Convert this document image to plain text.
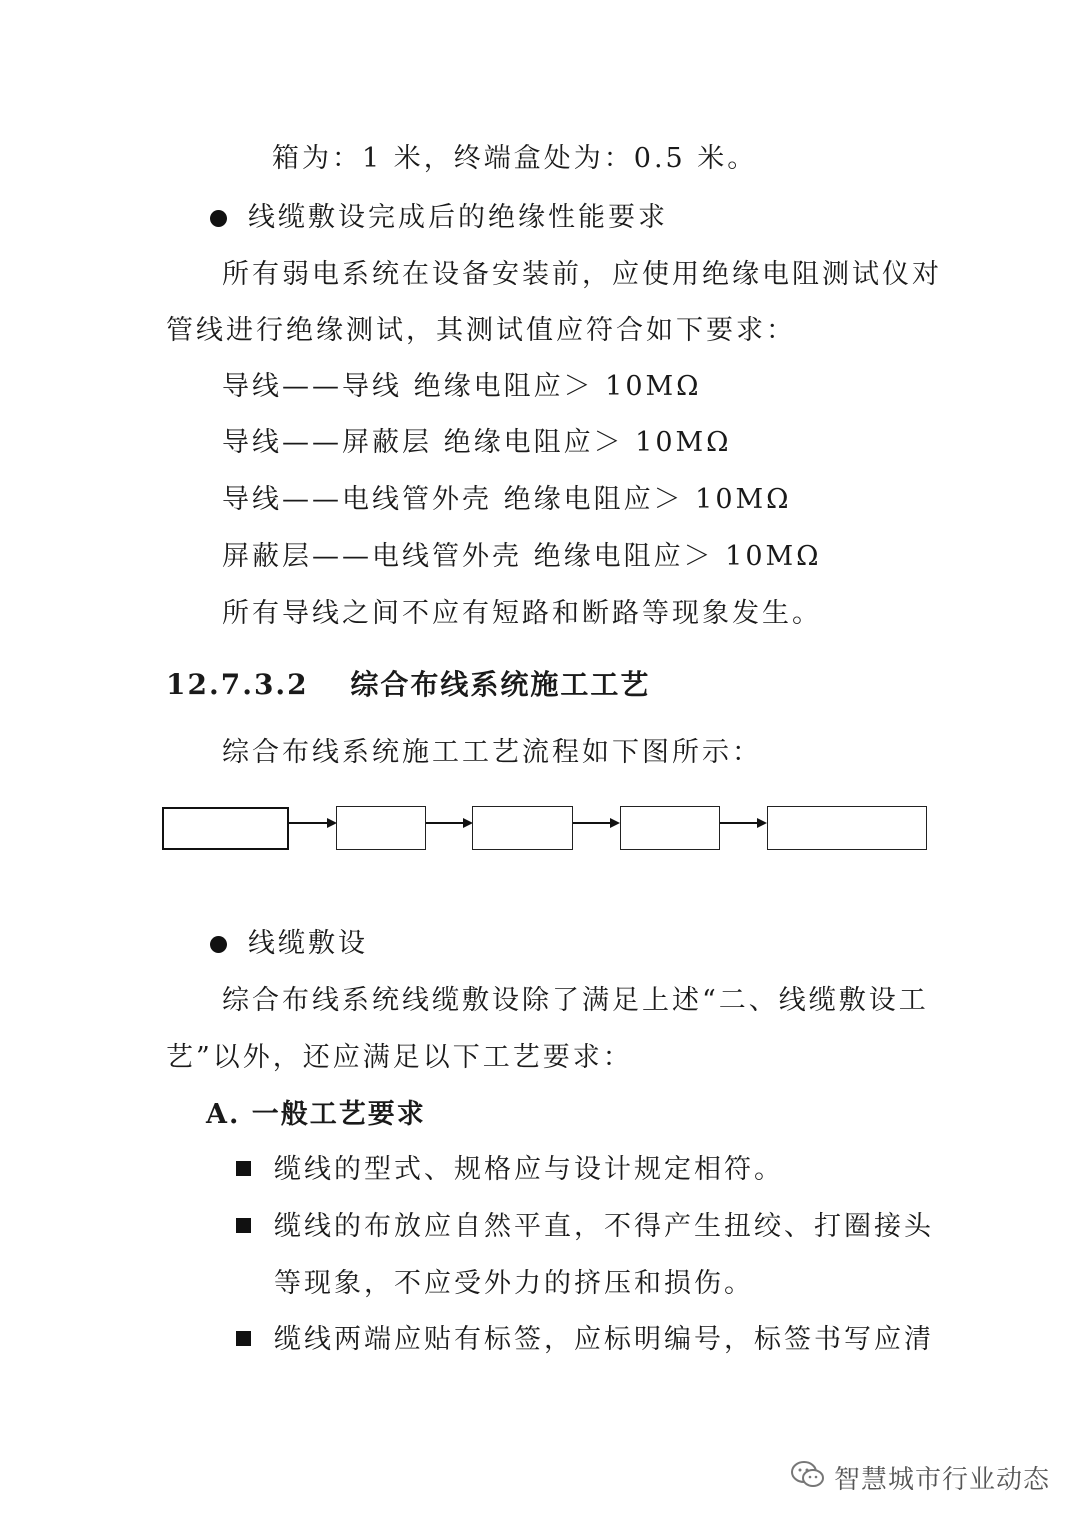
箱为：1 米，终端盒处为：0.5 米。
线缆敷设完成后的绝缘性能要求
所有弱电系统在设备安装前，应使用绝缘电阻测试仪对
管线进行绝缘测试，其测试值应符合如下要求：
导线——导线 绝缘电阻应＞ 10MΩ
导线——屏蔽层 绝缘电阻应＞ 10MΩ
导线——电线管外壳 绝缘电阻应＞ 10MΩ
屏蔽层——电线管外壳 绝缘电阻应＞ 10MΩ
所有导线之间不应有短路和断路等现象发生。
12.7.3.2　 综合布线系统施工工艺
综合布线系统施工工艺流程如下图所示：
线缆敷设
综合布线系统线缆敷设除了满足上述“二、线缆敷设工
艺”以外，还应满足以下工艺要求：
A. 一般工艺要求
缆线的型式、规格应与设计规定相符。
缆线的布放应自然平直，不得产生扭绞、打圈接头
等现象，不应受外力的挤压和损伤。
缆线两端应贴有标签，应标明编号，标签书写应清
智慧城市行业动态
